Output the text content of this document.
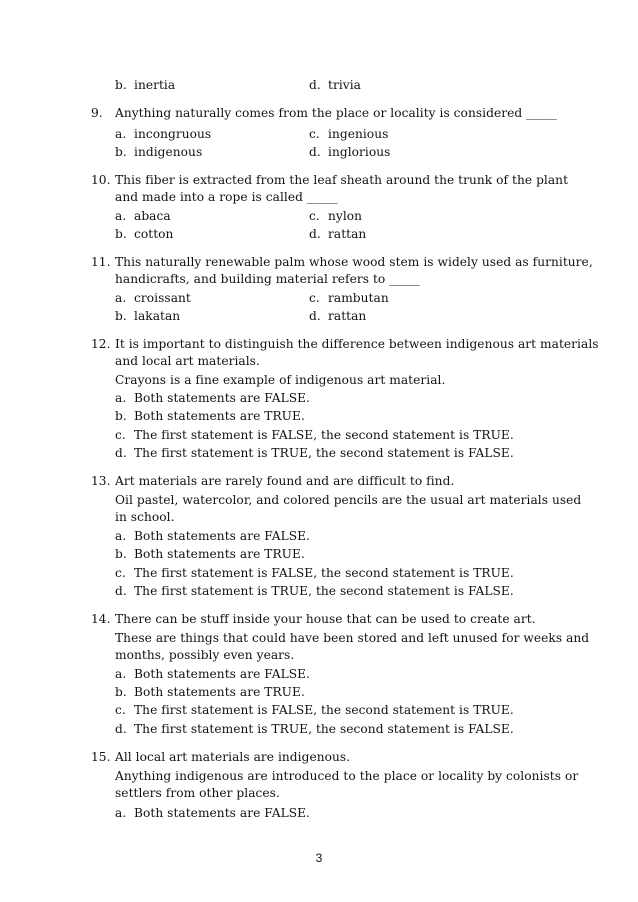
b. inertia	d. trivia
9. Anything naturally comes from the place or locality is considered _____
a. incongruous	c. ingenious
b. indigenous	d. inglorious
10. This fiber is extracted from the leaf sheath around the trunk of the plant
and made into a rope is called _____
a. abaca	c. nylon
b. cotton	d. rattan
11. This naturally renewable palm whose wood stem is widely used as furniture,
handicrafts, and building material refers to _____
a. croissant	c. rambutan
b. lakatan	d. rattan
12. It is important to distinguish the difference between indigenous art materials
and local art materials.
Crayons is a fine example of indigenous art material.
a. Both statements are FALSE.
b. Both statements are TRUE.
c. The first statement is FALSE, the second statement is TRUE.
d. The first statement is TRUE, the second statement is FALSE.
13. Art materials are rarely found and are difficult to find.
Oil pastel, watercolor, and colored pencils are the usual art materials used
in school.
a. Both statements are FALSE.
b. Both statements are TRUE.
c. The first statement is FALSE, the second statement is TRUE.
d. The first statement is TRUE, the second statement is FALSE.
14. There can be stuff inside your house that can be used to create art.
These are things that could have been stored and left unused for weeks and
months, possibly even years.
a. Both statements are FALSE.
b. Both statements are TRUE.
c. The first statement is FALSE, the second statement is TRUE.
d. The first statement is TRUE, the second statement is FALSE.
15. All local art materials are indigenous.
Anything indigenous are introduced to the place or locality by colonists or
settlers from other places.
a. Both statements are FALSE.
3
